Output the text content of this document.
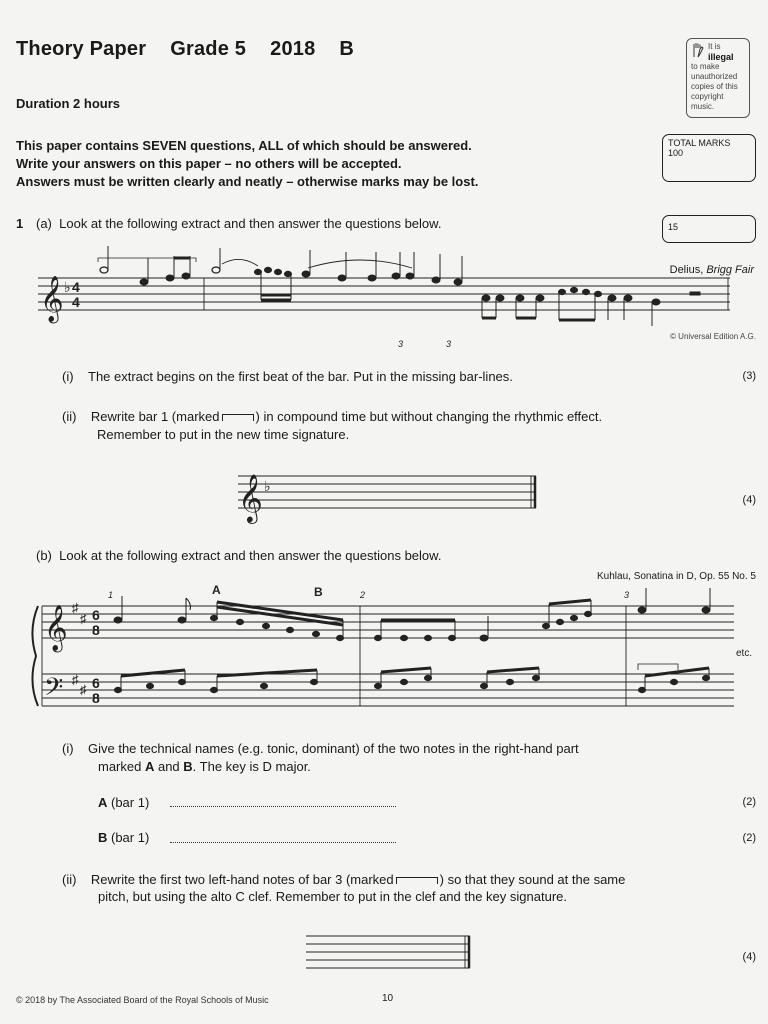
Theory Paper Grade 5 2018 B
Duration 2 hours
This paper contains SEVEN questions, ALL of which should be answered.
Write your answers on this paper – no others will be accepted.
Answers must be written clearly and neatly – otherwise marks may be lost.
It is
illegal
to make unauthorized copies of this copyright music.
TOTAL MARKS
100
1 (a) Look at the following extract and then answer the questions below.	15
Delius, Brigg Fair
© Universal Edition A.G.
𝄞 ♭ 4
4
3	3
𝄞 ♭
𝄞
𝄢
♯
♯
♯
♯
6
8
6
8
1	2	3
A	B
etc.
(i) The extract begins on the first beat of the bar. Put in the missing bar-lines.	(3)
(ii) Rewrite bar 1 (marked	) in compound time but without changing the rhythmic effect.
Remember to put in the new time signature.
(4)
(b) Look at the following extract and then answer the questions below.
Kuhlau, Sonatina in D, Op. 55 No. 5
(i) Give the technical names (e.g. tonic, dominant) of the two notes in the right-hand part
marked A and B. The key is D major.
A (bar 1)	(2)
B (bar 1)	(2)
(ii) Rewrite the first two left-hand notes of bar 3 (marked	) so that they sound at the same
pitch, but using the alto C clef. Remember to put in the clef and the key signature.
(4)
© 2018 by The Associated Board of the Royal Schools of Music	10
